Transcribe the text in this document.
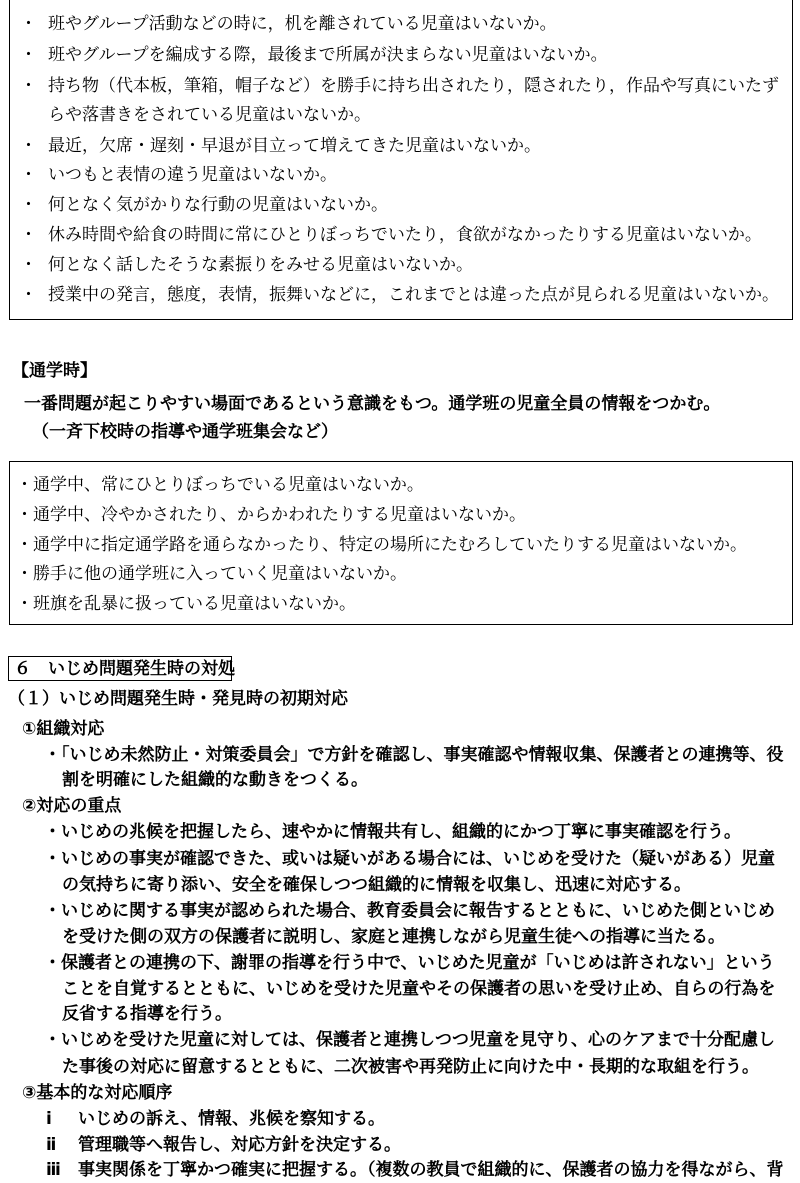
・ 班やグループ活動などの時に，机を離されている児童はいないか。
・ 班やグループを編成する際，最後まで所属が決まらない児童はいないか。
・ 持ち物（代本板，筆箱，帽子など）を勝手に持ち出されたり，隠されたり，作品や写真にいたず
らや落書きをされている児童はいないか。
・ 最近，欠席・遅刻・早退が目立って増えてきた児童はいないか。
・ いつもと表情の違う児童はいないか。
・ 何となく気がかりな行動の児童はいないか。
・ 休み時間や給食の時間に常にひとりぼっちでいたり，食欲がなかったりする児童はいないか。
・ 何となく話したそうな素振りをみせる児童はいないか。
・ 授業中の発言，態度，表情，振舞いなどに，これまでとは違った点が見られる児童はいないか。
【通学時】
一番問題が起こりやすい場面であるという意識をもつ。通学班の児童全員の情報をつかむ。
（一斉下校時の指導や通学班集会など）
・通学中、常にひとりぼっちでいる児童はいないか。
・通学中、冷やかされたり、からかわれたりする児童はいないか。
・通学中に指定通学路を通らなかったり、特定の場所にたむろしていたりする児童はいないか。
・勝手に他の通学班に入っていく児童はいないか。
・班旗を乱暴に扱っている児童はいないか。
６　いじめ問題発生時の対処
（１）いじめ問題発生時・発見時の初期対応
①組織対応
・「いじめ未然防止・対策委員会」で方針を確認し、事実確認や情報収集、保護者との連携等、役
割を明確にした組織的な動きをつくる。
②対応の重点
・いじめの兆候を把握したら、速やかに情報共有し、組織的にかつ丁寧に事実確認を行う。
・いじめの事実が確認できた、或いは疑いがある場合には、いじめを受けた（疑いがある）児童
の気持ちに寄り添い、安全を確保しつつ組織的に情報を収集し、迅速に対応する。
・いじめに関する事実が認められた場合、教育委員会に報告するとともに、いじめた側といじめ
を受けた側の双方の保護者に説明し、家庭と連携しながら児童生徒への指導に当たる。
・保護者との連携の下、謝罪の指導を行う中で、いじめた児童が「いじめは許されない」という
ことを自覚するとともに、いじめを受けた児童やその保護者の思いを受け止め、自らの行為を
反省する指導を行う。
・いじめを受けた児童に対しては、保護者と連携しつつ児童を見守り、心のケアまで十分配慮し
た事後の対応に留意するとともに、二次被害や再発防止に向けた中・長期的な取組を行う。
③基本的な対応順序
ⅰ いじめの訴え、情報、兆候を察知する。
ⅱ 管理職等へ報告し、対応方針を決定する。
ⅲ 事実関係を丁寧かつ確実に把握する。（複数の教員で組織的に、保護者の協力を得ながら、背
